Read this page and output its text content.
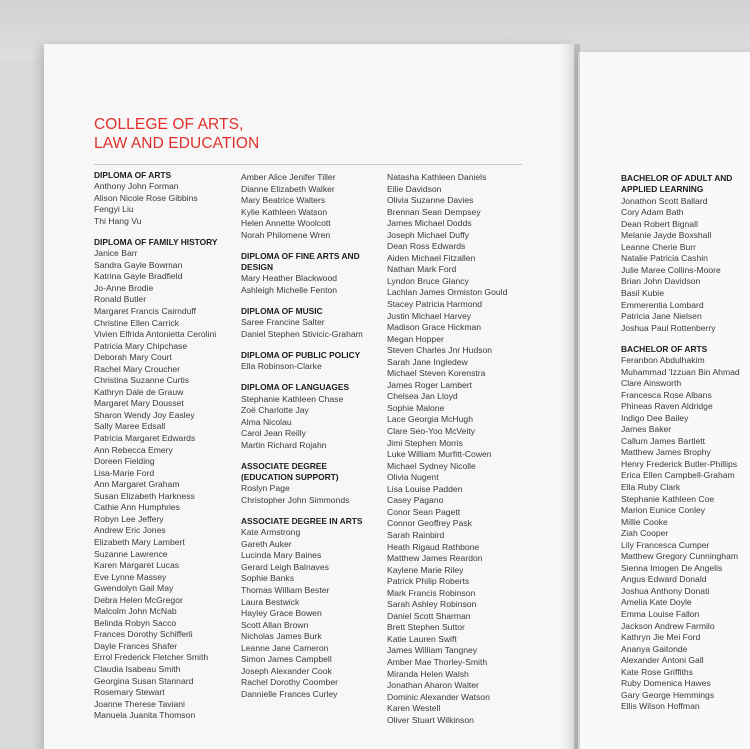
COLLEGE OF ARTS,
LAW AND EDUCATION
DIPLOMA OF ARTS
Anthony John Forman
Alison Nicole Rose Gibbins
Fengyi Liu
Thi Hang Vu
DIPLOMA OF FAMILY HISTORY
Janice Barr
Sandra Gayle Bowman
Katrina Gayle Bradfield
Jo-Anne Brodie
Ronald Butler
Margaret Francis Cairnduff
Christine Ellen Carrick
Vivien Elfrida Antonietta Cerolini
Patricia Mary Chipchase
Deborah Mary Court
Rachel Mary Croucher
Christina Suzanne Curtis
Kathryn Dale de Grauw
Margaret Mary Dousset
Sharon Wendy Joy Easley
Sally Maree Edsall
Patricia Margaret Edwards
Ann Rebecca Emery
Doreen Fielding
Lisa-Marie Ford
Ann Margaret Graham
Susan Elizabeth Harkness
Cathie Ann Humphries
Robyn Lee Jeffery
Andrew Eric Jones
Elizabeth Mary Lambert
Suzanne Lawrence
Karen Margaret Lucas
Eve Lynne Massey
Gwendolyn Gail May
Debra Helen McGregor
Malcolm John McNab
Belinda Robyn Sacco
Frances Dorothy Schifferli
Dayle Frances Shafer
Errol Frederick Fletcher Smith
Claudia Isabeau Smith
Georgina Susan Stannard
Rosemary Stewart
Joanne Therese Taviani
Manuela Juanita Thomson
Amber Alice Jenifer Tiller
Dianne Elizabeth Walker
Mary Beatrice Walters
Kylie Kathleen Watson
Helen Annette Woolcott
Norah Philomene Wren
DIPLOMA OF FINE ARTS AND
DESIGN
Mary Heather Blackwood
Ashleigh Michelle Fenton
DIPLOMA OF MUSIC
Saree Francine Salter
Daniel Stephen Stivicic-Graham
DIPLOMA OF PUBLIC POLICY
Ella Robinson-Clarke
DIPLOMA OF LANGUAGES
Stephanie Kathleen Chase
Zoë Charlotte Jay
Alma Nicolau
Carol Jean Reilly
Martin Richard Rojahn
ASSOCIATE DEGREE
(EDUCATION SUPPORT)
Roslyn Page
Christopher John Simmonds
ASSOCIATE DEGREE IN ARTS
Kate Armstrong
Gareth Auker
Lucinda Mary Baines
Gerard Leigh Balnaves
Sophie Banks
Thomas William Bester
Laura Bestwick
Hayley Grace Bowen
Scott Allan Brown
Nicholas James Burk
Leanne Jane Cameron
Simon James Campbell
Joseph Alexander Cook
Rachel Dorothy Coomber
Dannielle Frances Curley
Natasha Kathleen Daniels
Ellie Davidson
Olivia Suzanne Davies
Brennan Sean Dempsey
James Michael Dodds
Joseph Michael Duffy
Dean Ross Edwards
Aiden Michael Fitzallen
Nathan Mark Ford
Lyndon Bruce Glancy
Lachlan James Ormiston Gould
Stacey Patricia Harmond
Justin Michael Harvey
Madison Grace Hickman
Megan Hopper
Steven Charles Jnr Hudson
Sarah Jane Ingledew
Michael Steven Korenstra
James Roger Lambert
Chelsea Jan Lloyd
Sophie Malone
Lace Georgia McHugh
Clare Seo-Yoo McVeity
Jimi Stephen Morris
Luke William Murfitt-Cowen
Michael Sydney Nicolle
Olivia Nugent
Lisa Louise Padden
Casey Pagano
Conor Sean Pagett
Connor Geoffrey Pask
Sarah Rainbird
Heath Rigaud Rathbone
Matthew James Reardon
Kaylene Marie Riley
Patrick Philip Roberts
Mark Francis Robinson
Sarah Ashley Robinson
Daniel Scott Sharman
Brett Stephen Suttor
Katie Lauren Swift
James William Tangney
Amber Mae Thorley-Smith
Miranda Helen Walsh
Jonathan Aharon Walter
Dominic Alexander Watson
Karen Westell
Oliver Stuart Wilkinson
BACHELOR OF ADULT AND
APPLIED LEARNING
Jonathon Scott Ballard
Cory Adam Bath
Dean Robert Bignall
Melanie Jayde Boxshall
Leanne Cherie Burr
Natalie Patricia Cashin
Julie Maree Collins-Moore
Brian John Davidson
Basil Kubie
Emmerentia Lombard
Patricia Jane Nielsen
Joshua Paul Rottenberry
BACHELOR OF ARTS
Feranbon Abdulhakim
Muhammad 'Izzuan Bin Ahmad
Clare Ainsworth
Francesca Rose Albans
Phineas Raven Aldridge
Indigo Dee Bailey
James Baker
Callum James Bartlett
Matthew James Brophy
Henry Frederick Butler-Phillips
Erica Ellen Campbell-Graham
Ella Ruby Clark
Stephanie Kathleen Coe
Marion Eunice Conley
Millie Cooke
Ziah Cooper
Lily Francesca Cumper
Matthew Gregory Cunningham
Sienna Imogen De Angelis
Angus Edward Donald
Joshua Anthony Donati
Amelia Kate Doyle
Emma Louise Fallon
Jackson Andrew Farmilo
Kathryn Jie Mei Ford
Ananya Gaitonde
Alexander Antoni Gall
Kate Rose Griffiths
Ruby Domenica Hawes
Gary George Hemmings
Ellis Wilson Hoffman
